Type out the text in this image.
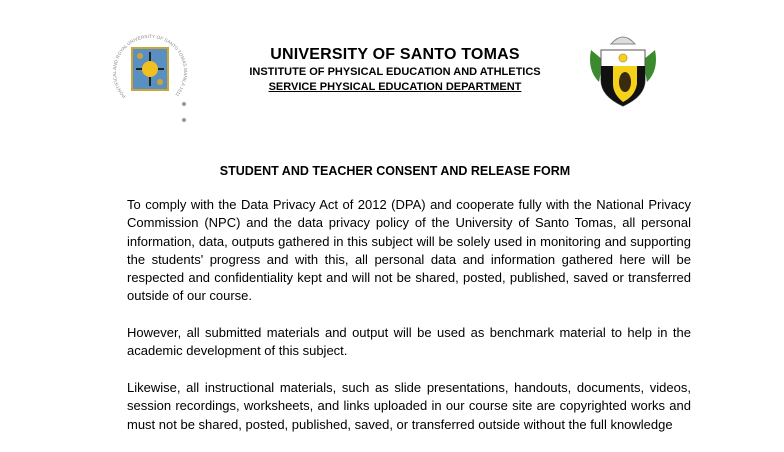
PONTIFICAL AND ROYAL UNIVERSITY OF SANTO TOMAS MANILA 1611
UNIVERSITY OF SANTO TOMAS
INSTITUTE OF PHYSICAL EDUCATION AND ATHLETICS
SERVICE PHYSICAL EDUCATION DEPARTMENT
STUDENT AND TEACHER CONSENT AND RELEASE FORM

To comply with the Data Privacy Act of 2012 (DPA) and cooperate fully with the National Privacy Commission (NPC) and the data privacy policy of the University of Santo Tomas, all personal information, data, outputs gathered in this subject will be solely used in monitoring and supporting the students' progress and with this, all personal data and information gathered here will be respected and confidentiality kept and will not be shared, posted, published, saved or transferred outside of our course.

However, all submitted materials and output will be used as benchmark material to help in the academic development of this subject.

Likewise, all instructional materials, such as slide presentations, handouts, documents, videos, session recordings, worksheets, and links uploaded in our course site are copyrighted works and must not be shared, posted, published, saved, or transferred outside without the full knowledge
